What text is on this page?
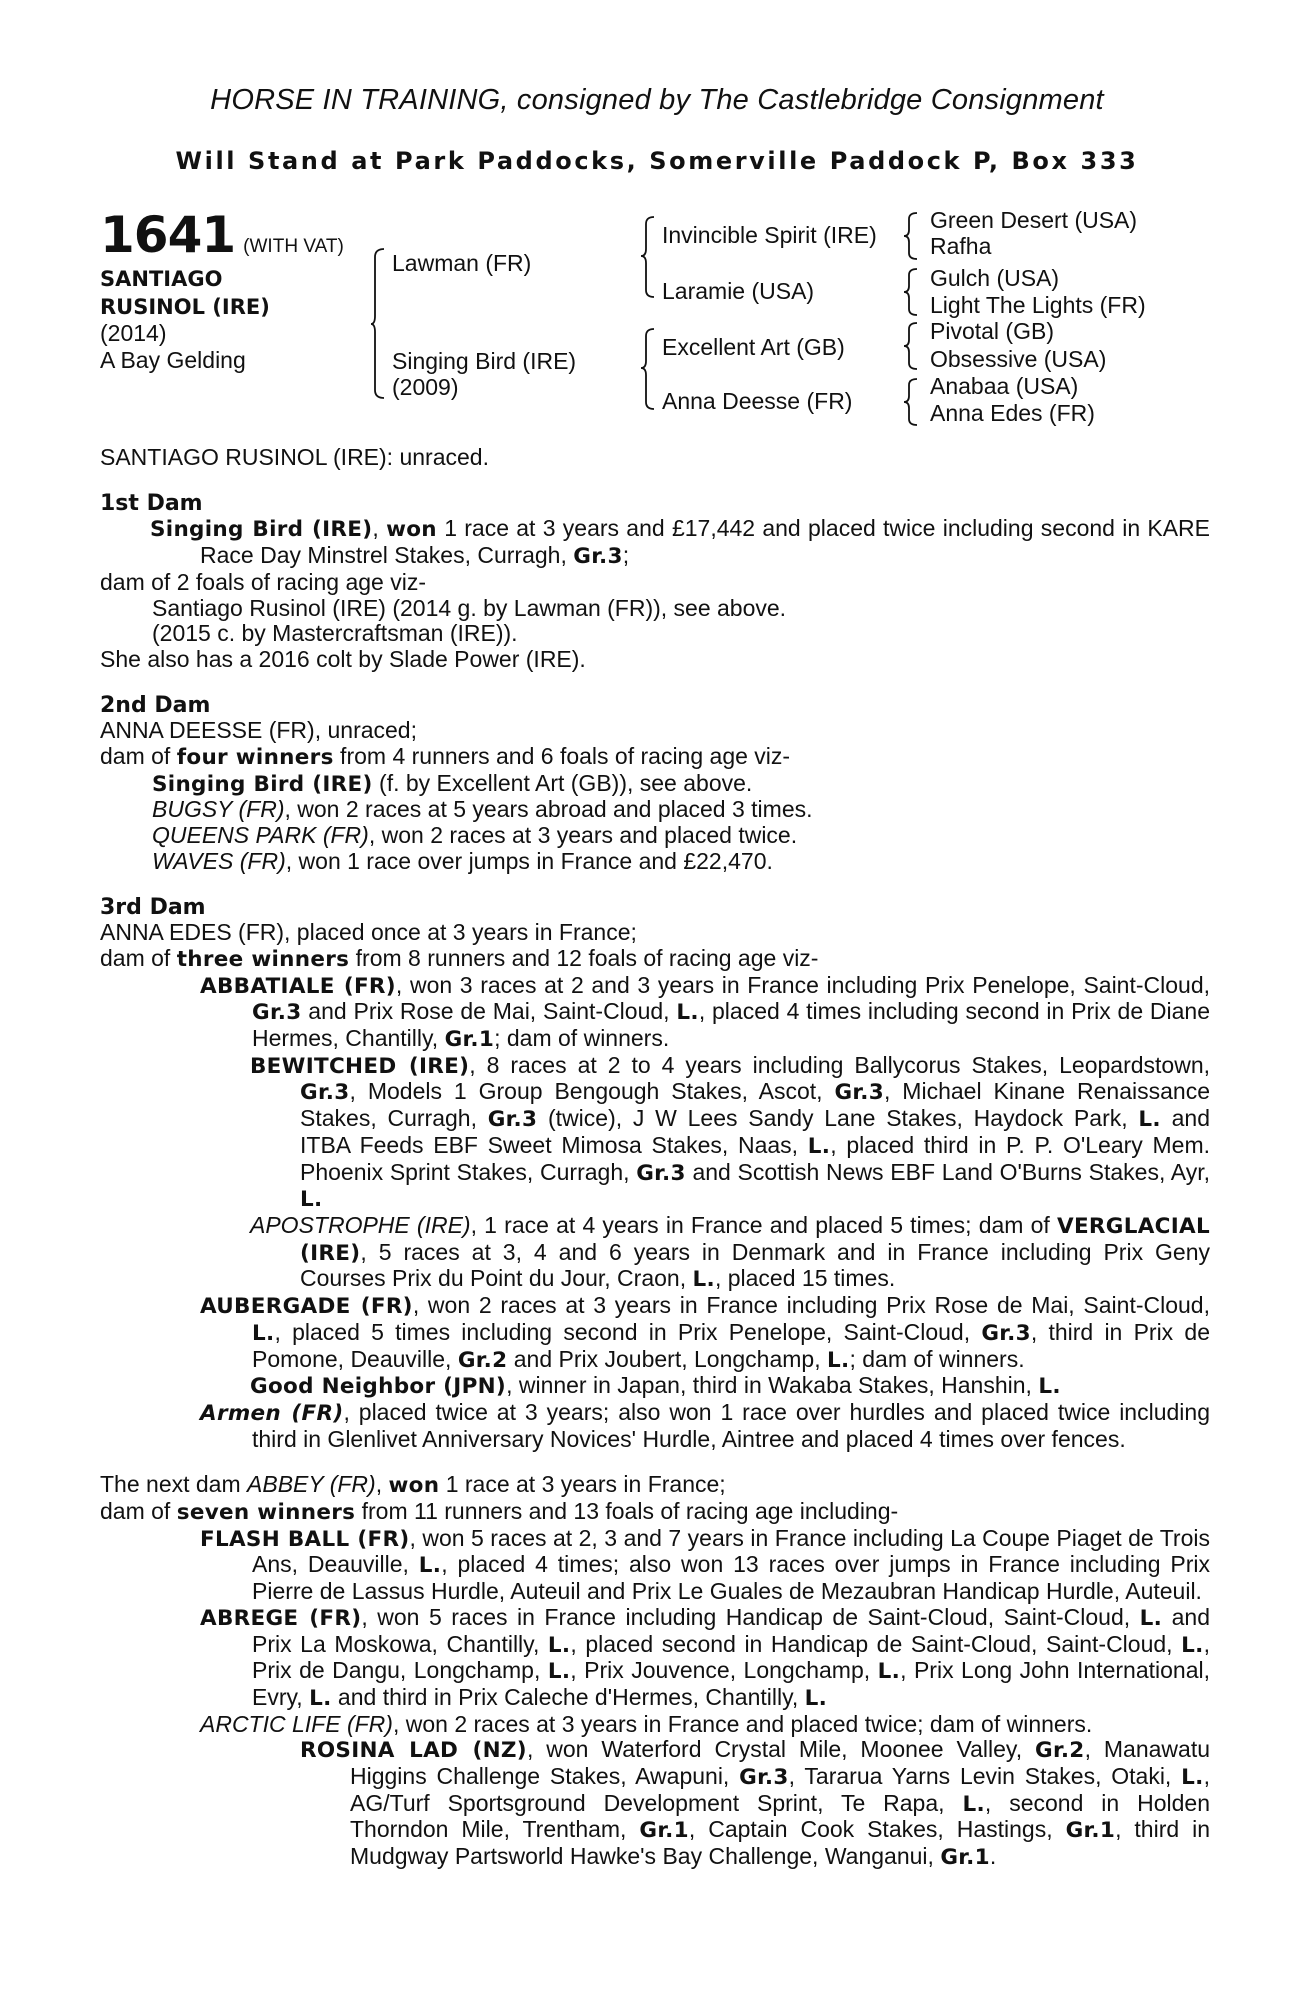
HORSE IN TRAINING, consigned by The Castlebridge Consignment
Will Stand at Park Paddocks, Somerville Paddock P, Box 333
1641 (WITH VAT)
SANTIAGO
RUSINOL (IRE)
(2014)
A Bay Gelding
Lawman (FR)
Singing Bird (IRE)
(2009)
Invincible Spirit (IRE)
Laramie (USA)
Excellent Art (GB)
Anna Deesse (FR)
Green Desert (USA)
Rafha
Gulch (USA)
Light The Lights (FR)
Pivotal (GB)
Obsessive (USA)
Anabaa (USA)
Anna Edes (FR)

SANTIAGO RUSINOL (IRE): unraced.

1st Dam

Singing Bird (IRE), won 1 race at 3 years and £17,442 and placed twice including second in KARE Race Day Minstrel Stakes, Curragh, Gr.3;

dam of 2 foals of racing age viz-

Santiago Rusinol (IRE) (2014 g. by Lawman (FR)), see above.

(2015 c. by Mastercraftsman (IRE)).

She also has a 2016 colt by Slade Power (IRE).

2nd Dam

ANNA DEESSE (FR), unraced;

dam of four winners from 4 runners and 6 foals of racing age viz-

Singing Bird (IRE) (f. by Excellent Art (GB)), see above.

BUGSY (FR), won 2 races at 5 years abroad and placed 3 times.

QUEENS PARK (FR), won 2 races at 3 years and placed twice.

WAVES (FR), won 1 race over jumps in France and £22,470.

3rd Dam

ANNA EDES (FR), placed once at 3 years in France;

dam of three winners from 8 runners and 12 foals of racing age viz-

ABBATIALE (FR), won 3 races at 2 and 3 years in France including Prix Penelope, Saint-Cloud, Gr.3 and Prix Rose de Mai, Saint-Cloud, L., placed 4 times including second in Prix de Diane Hermes, Chantilly, Gr.1; dam of winners.

BEWITCHED (IRE), 8 races at 2 to 4 years including Ballycorus Stakes, Leopardstown, Gr.3, Models 1 Group Bengough Stakes, Ascot, Gr.3, Michael Kinane Renaissance Stakes, Curragh, Gr.3 (twice), J W Lees Sandy Lane Stakes, Haydock Park, L. and ITBA Feeds EBF Sweet Mimosa Stakes, Naas, L., placed third in P. P. O'Leary Mem. Phoenix Sprint Stakes, Curragh, Gr.3 and Scottish News EBF Land O'Burns Stakes, Ayr, L.

APOSTROPHE (IRE), 1 race at 4 years in France and placed 5 times; dam of VERGLACIAL (IRE), 5 races at 3, 4 and 6 years in Denmark and in France including Prix Geny Courses Prix du Point du Jour, Craon, L., placed 15 times.

AUBERGADE (FR), won 2 races at 3 years in France including Prix Rose de Mai, Saint-Cloud, L., placed 5 times including second in Prix Penelope, Saint-Cloud, Gr.3, third in Prix de Pomone, Deauville, Gr.2 and Prix Joubert, Longchamp, L.; dam of winners.

Good Neighbor (JPN), winner in Japan, third in Wakaba Stakes, Hanshin, L.

Armen (FR), placed twice at 3 years; also won 1 race over hurdles and placed twice including third in Glenlivet Anniversary Novices' Hurdle, Aintree and placed 4 times over fences.

The next dam ABBEY (FR), won 1 race at 3 years in France;

dam of seven winners from 11 runners and 13 foals of racing age including-

FLASH BALL (FR), won 5 races at 2, 3 and 7 years in France including La Coupe Piaget de Trois Ans, Deauville, L., placed 4 times; also won 13 races over jumps in France including Prix Pierre de Lassus Hurdle, Auteuil and Prix Le Guales de Mezaubran Handicap Hurdle, Auteuil.

ABREGE (FR), won 5 races in France including Handicap de Saint-Cloud, Saint-Cloud, L. and Prix La Moskowa, Chantilly, L., placed second in Handicap de Saint-Cloud, Saint-Cloud, L., Prix de Dangu, Longchamp, L., Prix Jouvence, Longchamp, L., Prix Long John International, Evry, L. and third in Prix Caleche d'Hermes, Chantilly, L.

ARCTIC LIFE (FR), won 2 races at 3 years in France and placed twice; dam of winners.

ROSINA LAD (NZ), won Waterford Crystal Mile, Moonee Valley, Gr.2, Manawatu Higgins Challenge Stakes, Awapuni, Gr.3, Tararua Yarns Levin Stakes, Otaki, L., AG/Turf Sportsground Development Sprint, Te Rapa, L., second in Holden Thorndon Mile, Trentham, Gr.1, Captain Cook Stakes, Hastings, Gr.1, third in Mudgway Partsworld Hawke's Bay Challenge, Wanganui, Gr.1.
